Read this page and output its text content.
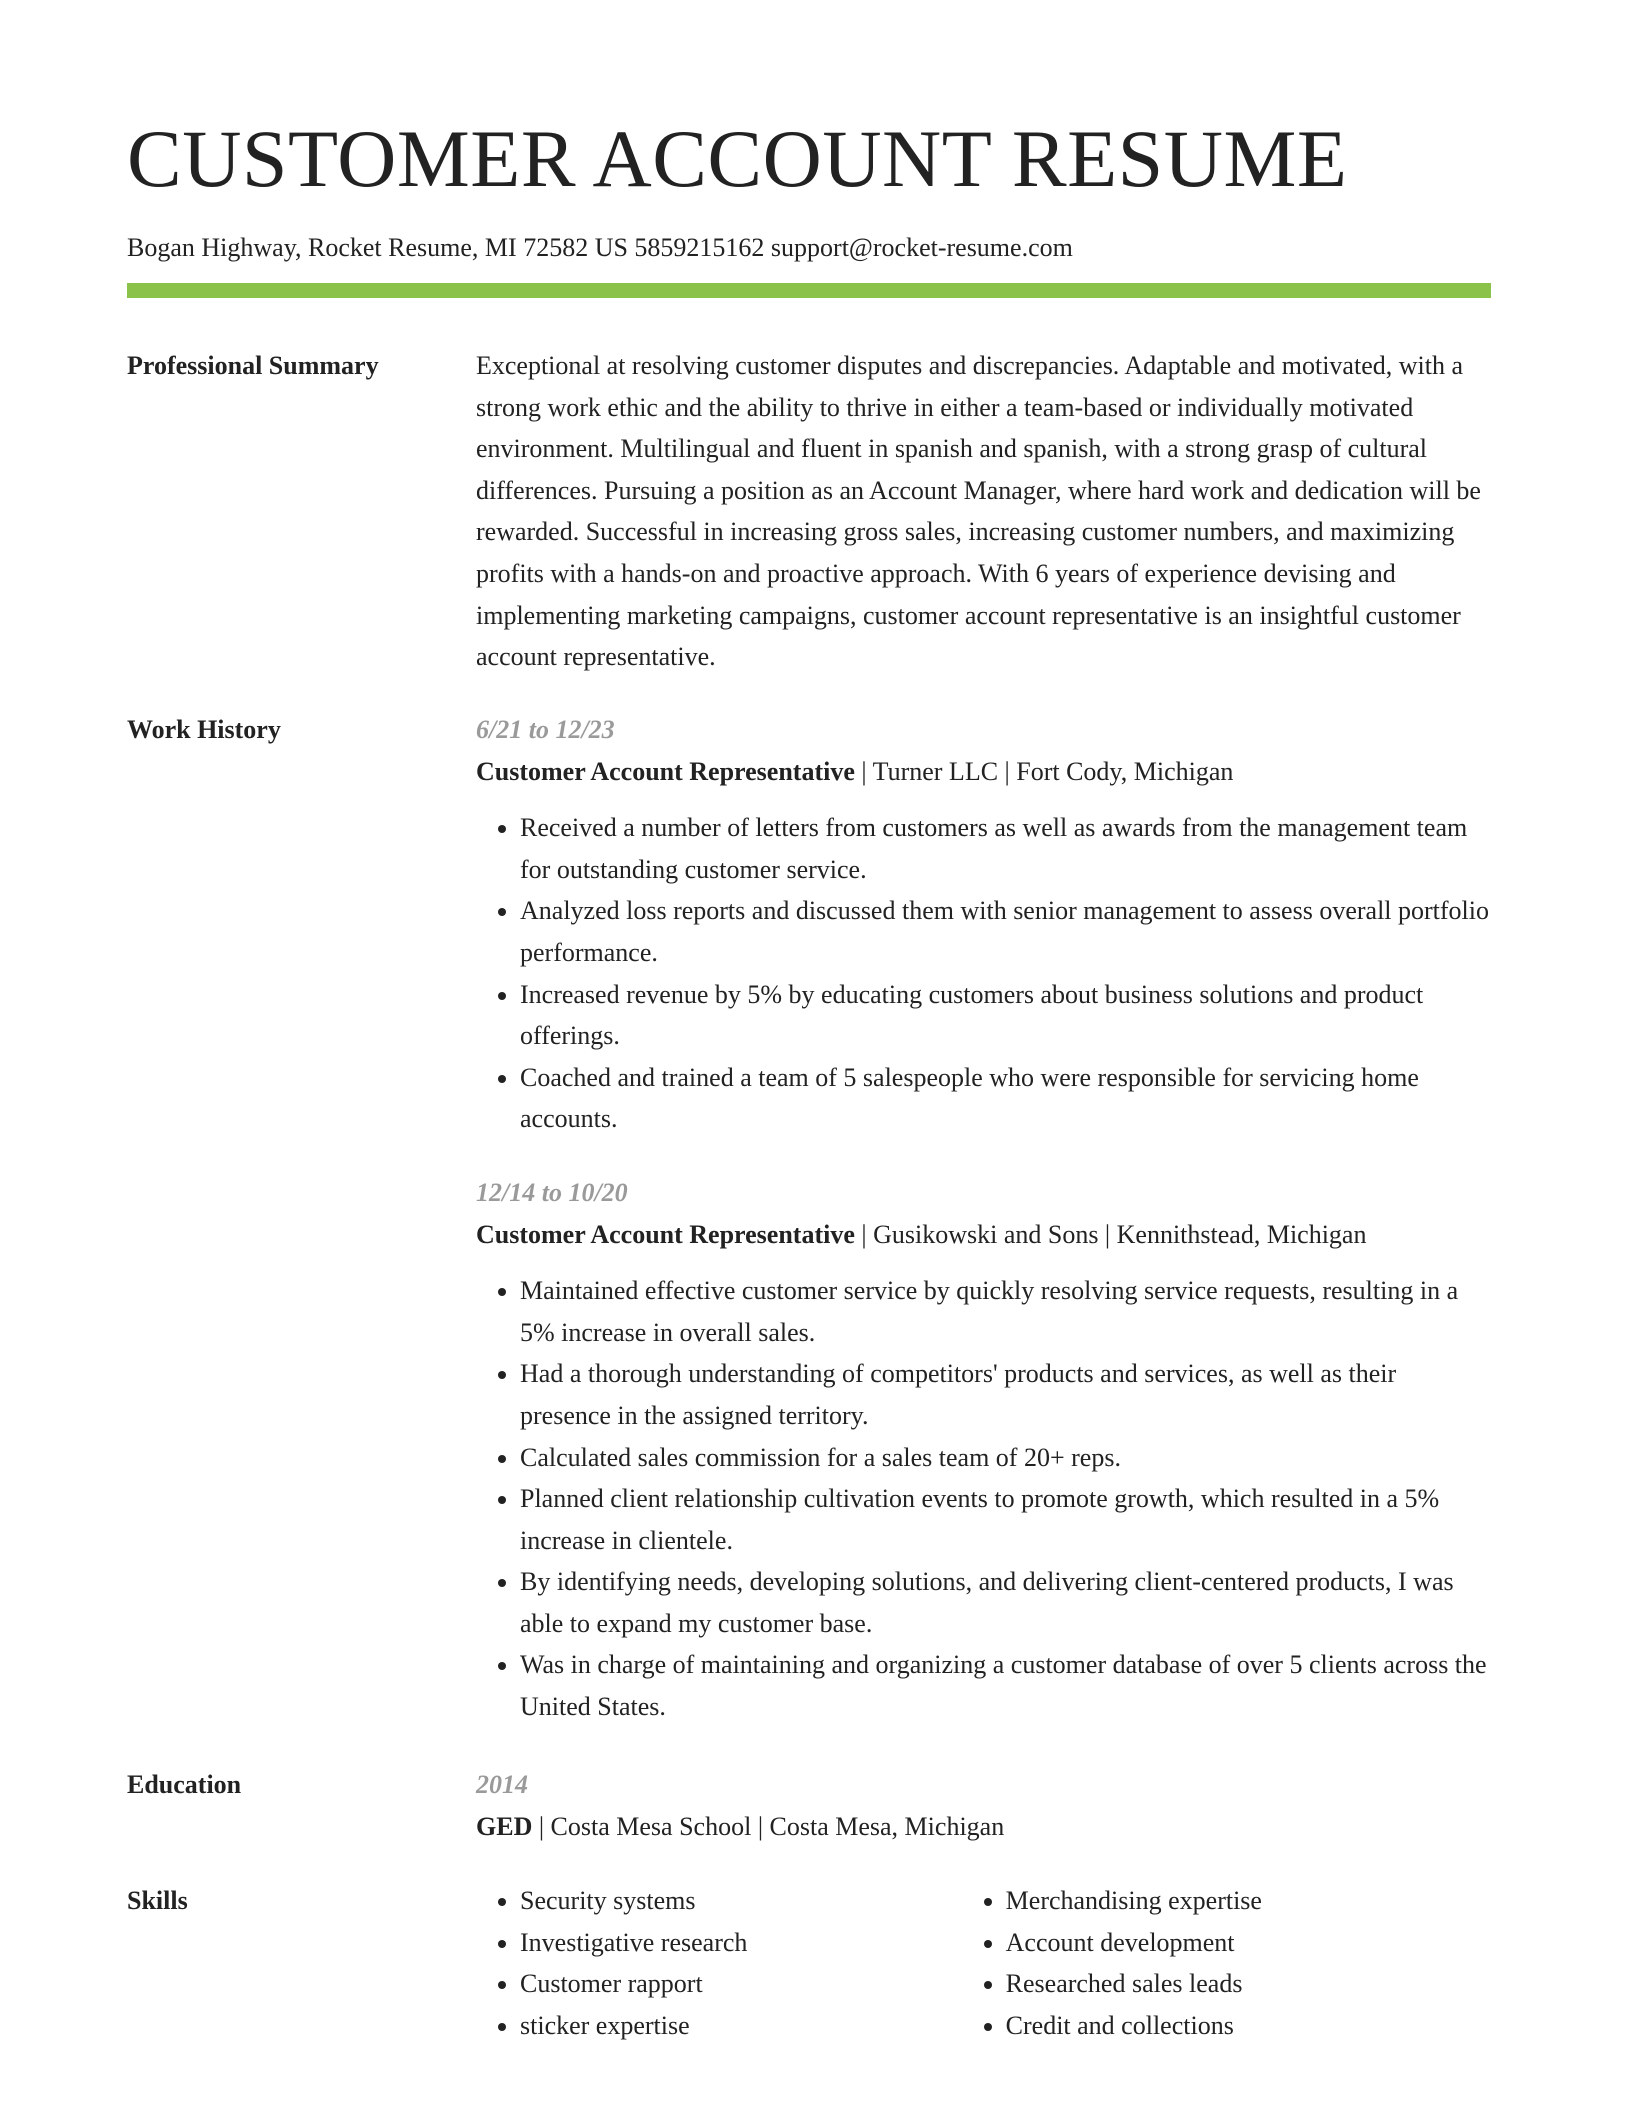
CUSTOMER ACCOUNT RESUME
Bogan Highway, Rocket Resume, MI 72582 US 5859215162 support@rocket-resume.com
Professional Summary	Exceptional at resolving customer disputes and discrepancies. Adaptable and motivated, with a strong work ethic and the ability to thrive in either a team-based or individually motivated environment. Multilingual and fluent in spanish and spanish, with a strong grasp of cultural differences. Pursuing a position as an Account Manager, where hard work and dedication will be rewarded. Successful in increasing gross sales, increasing customer numbers, and maximizing profits with a hands-on and proactive approach. With 6 years of experience devising and implementing marketing campaigns, customer account representative is an insightful customer account representative.

Work History	6/21 to 12/23
Customer Account Representative | Turner LLC | Fort Cody, Michigan
• Received a number of letters from customers as well as awards from the management team for outstanding customer service.
• Analyzed loss reports and discussed them with senior management to assess overall portfolio performance.
• Increased revenue by 5% by educating customers about business solutions and product offerings.
• Coached and trained a team of 5 salespeople who were responsible for servicing home accounts.
12/14 to 10/20
Customer Account Representative | Gusikowski and Sons | Kennithstead, Michigan
• Maintained effective customer service by quickly resolving service requests, resulting in a 5% increase in overall sales.
• Had a thorough understanding of competitors' products and services, as well as their presence in the assigned territory.
• Calculated sales commission for a sales team of 20+ reps.
• Planned client relationship cultivation events to promote growth, which resulted in a 5% increase in clientele.
• By identifying needs, developing solutions, and delivering client-centered products, I was able to expand my customer base.
• Was in charge of maintaining and organizing a customer database of over 5 clients across the United States.
Education	2014
GED | Costa Mesa School | Costa Mesa, Michigan
Skills
•	Security systems
• Investigative research
• Customer rapport
• sticker expertise
• Merchandising expertise
• Account development
• Researched sales leads
• Credit and collections
